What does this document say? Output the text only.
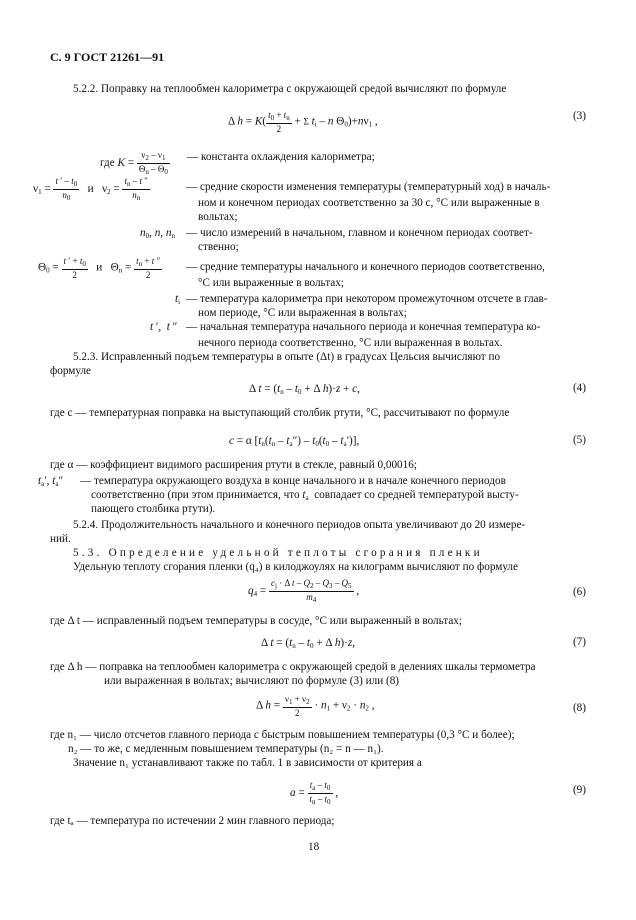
С. 9 ГОСТ 21261—91
5.2.2. Поправку на теплообмен калориметра с окружающей средой вычисляют по формуле
Δ $h = K( \frac{t_0 + t_n}{2} + \Sigma$ $t_i$ – n $\Theta_0)+n\nu_1$ ,	(3)
где $K = \frac{\nu_2 - \nu_1}{\Theta_n - \Theta_0}$ — константа охлаждения калориметра;
$\nu_1 = \frac{t ' - t_0}{n_0}$ и   $\nu_2 = \frac{t_n - t ''}{n_n}$	— средние скорости изменения температуры (температурный ход) в началь-
ном и конечном периодах соответственно за 30 с, °С или выраженные в
вольтах;
$n_0$, n, $n_n$ — число измерений в начальном, главном и конечном периодах соответ-
ственно;
$\Theta_0 = \frac{t ' + t_0}{2}$ и   $\Theta_n = \frac{t_n + t ''}{2}$ — средние температуры начального и конечного периодов соответственно,
°С или выраженные в вольтах;
$t_i$ — температура калориметра при некотором промежуточном отсчете в глав-
ном периоде, °С или выраженная в вольтах;
t ′,  t ″ — начальная температура начального периода и конечная температура ко-
нечного периода соответственно, °С или выраженная в вольтах.
5.2.3. Исправленный подъем температуры в опыте (Δt) в градусах Цельсия вычисляют по
формуле
Δ $t = (t_n - t_0 + \Delta$ h)·z + c,	(4)
где c — температурная поправка на выступающий столбик ртути, °С, рассчитывают по формуле
c = α $[t_n(t_n - t_a'') - t_0(t_0 - t_a')]$,	(5)
где α — коэффициент видимого расширения ртути в стекле, равный 0,00016;
$t_a'$, $t_a''$ — температура окружающего воздуха в конце начального и в начале конечного периодов
соответственно (при этом принимается, что $t_a$ совпадает со средней температурой высту-
пающего столбика ртути).
5.2.4. Продолжительность начального и конечного периодов опыта увеличивают до 20 измере-
ний.
5.3. Определение удельной теплоты сгорания пленки
Удельную теплоту сгорания пленки (q₄) в килоджоулях на килограмм вычисляют по формуле
$q_4 = \frac{c_j \cdot \Delta t - Q_2 - Q_3 - Q_5}{m_4}$ ,	(6)
где Δ t — исправленный подъем температуры в сосуде, °С или выраженный в вольтах;
Δ $t = (t_n - t_0 + \Delta$ h)·z,	(7)
где Δ h — поправка на теплообмен калориметра с окружающей средой в делениях шкалы термометра
или выраженная в вольтах; вычисляют по формуле (3) или (8)
Δ $h = \frac{\nu_1 + \nu_2}{2} \cdot n_1 + \nu_2 \cdot n_2$ ,	(8)
где n₁ — число отсчетов главного периода с быстрым повышением температуры (0,3 °С и более);
n₂ — то же, с медленным повышением температуры (n₂ = n — n₁).
Значение n₁ устанавливают также по табл. 1 в зависимости от критерия a
$a = \frac{t_a - t_0}{t_n - t_0}$ ,	(9)
где tₐ — температура по истечении 2 мин главного периода;
18
